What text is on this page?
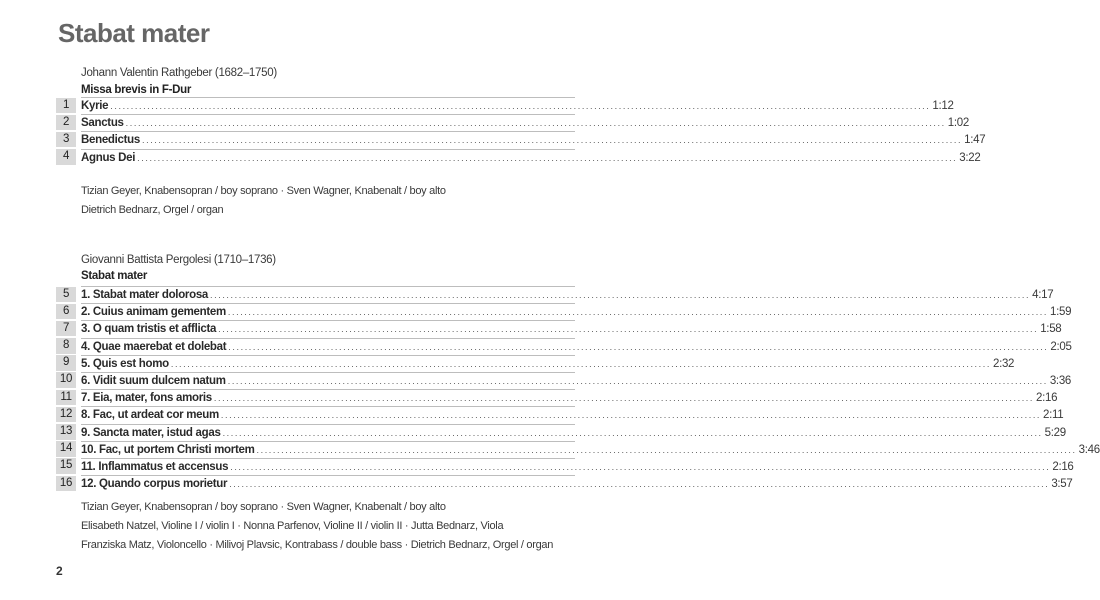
Stabat mater
Johann Valentin Rathgeber (1682–1750)
Missa brevis in F-Dur
1	Kyrie ........................................................................................................................................................................................................ 1:12
2	Sanctus ........................................................................................................................................................................................................ 1:02
3	Benedictus ........................................................................................................................................................................................................ 1:47
4	Agnus Dei ........................................................................................................................................................................................................ 3:22
Tizian Geyer, Knabensopran / boy soprano · Sven Wagner, Knabenalt / boy alto
Dietrich Bednarz, Orgel / organ
Giovanni Battista Pergolesi (1710–1736)
Stabat mater
5	1. Stabat mater dolorosa ........................................................................................................................................................................................................ 4:17
6	2. Cuius animam gementem ........................................................................................................................................................................................................ 1:59
7	3. O quam tristis et afflicta ........................................................................................................................................................................................................ 1:58
8	4. Quae maerebat et dolebat ........................................................................................................................................................................................................ 2:05
9	5. Quis est homo ........................................................................................................................................................................................................ 2:32
10 6. Vidit suum dulcem natum ........................................................................................................................................................................................................ 3:36
11 7. Eia, mater, fons amoris ........................................................................................................................................................................................................ 2:16
12 8. Fac, ut ardeat cor meum ........................................................................................................................................................................................................ 2:11
13 9. Sancta mater, istud agas ........................................................................................................................................................................................................ 5:29
14 10. Fac, ut portem Christi mortem ........................................................................................................................................................................................................ 3:46
15 11. Inflammatus et accensus ........................................................................................................................................................................................................ 2:16
16 12. Quando corpus morietur ........................................................................................................................................................................................................ 3:57
Tizian Geyer, Knabensopran / boy soprano · Sven Wagner, Knabenalt / boy alto
Elisabeth Natzel, Violine I / violin I · Nonna Parfenov, Violine II / violin II · Jutta Bednarz, Viola
Franziska Matz, Violoncello · Milivoj Plavsic, Kontrabass / double bass · Dietrich Bednarz, Orgel / organ
2
